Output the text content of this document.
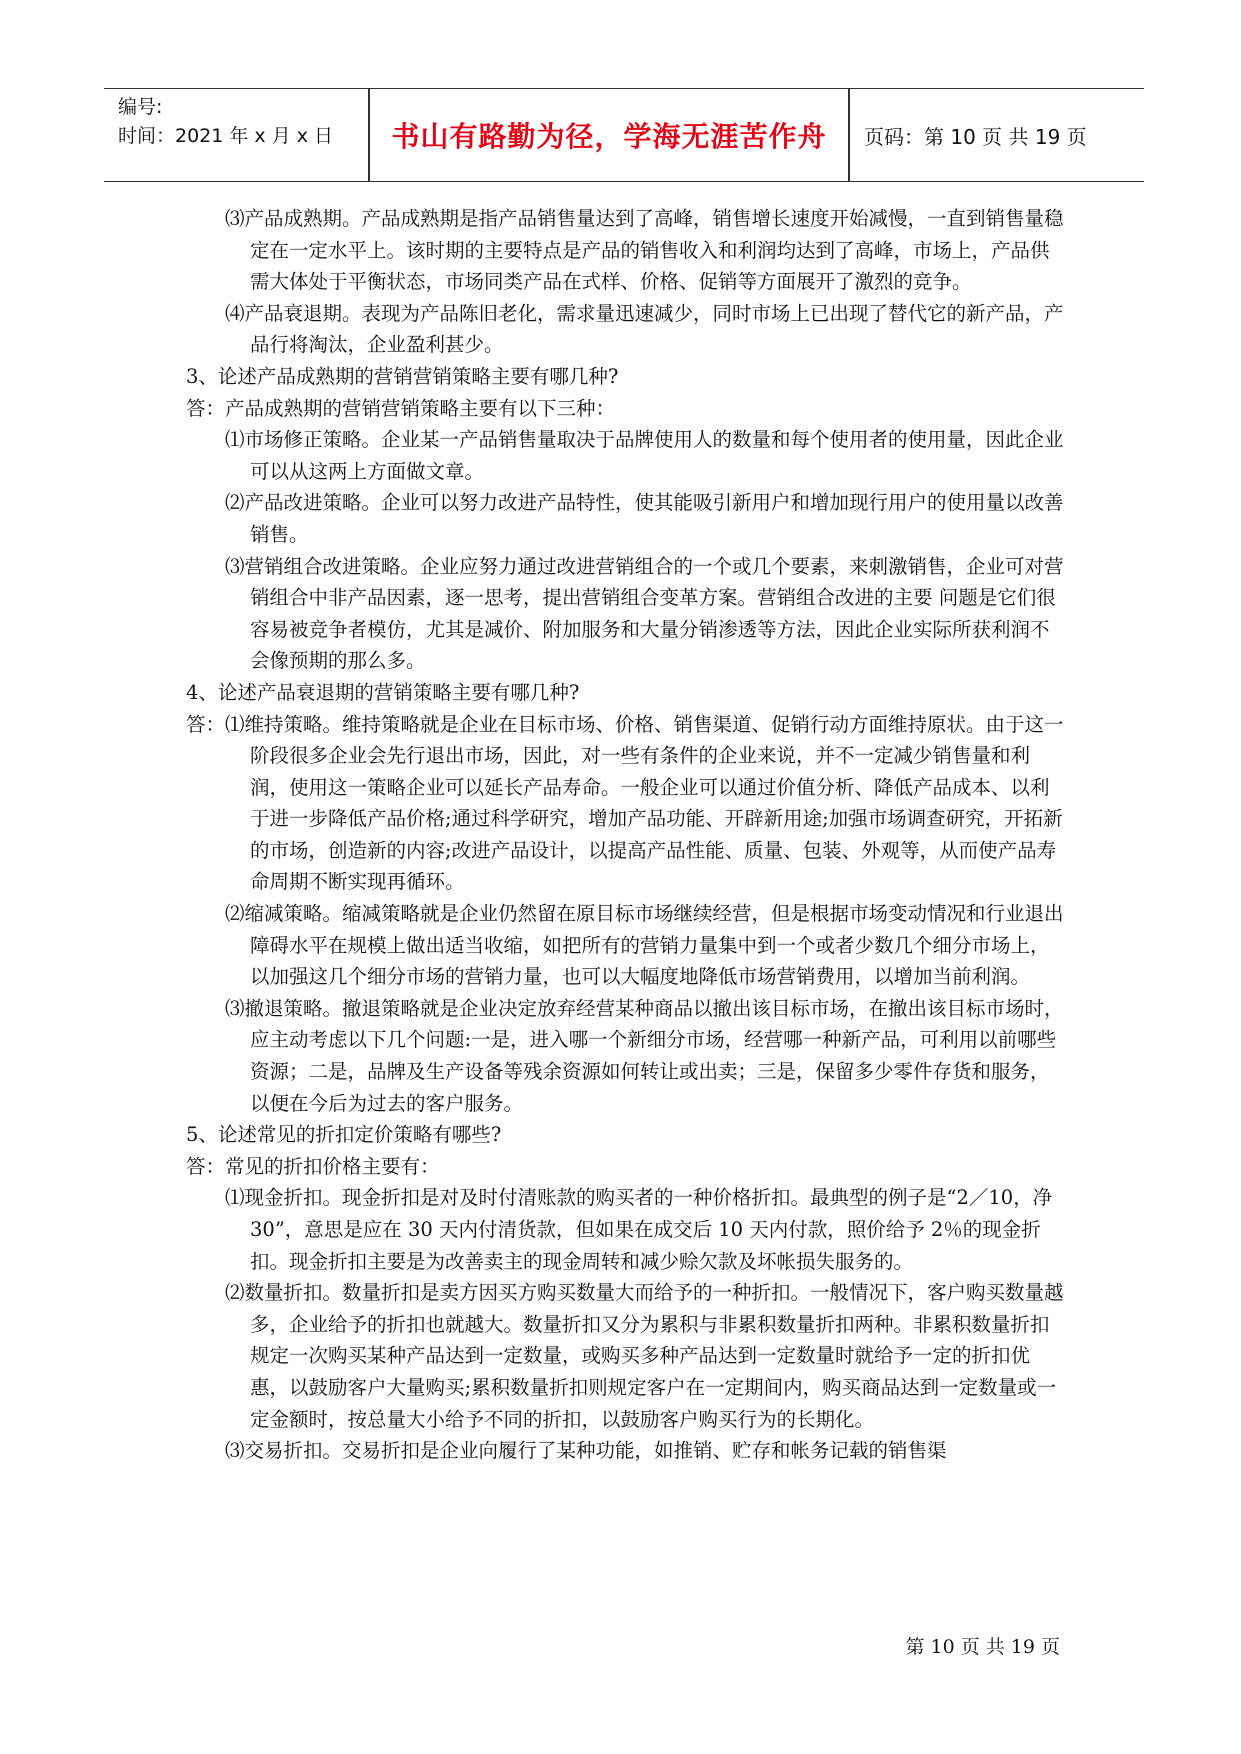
编号:
时间：2021 年 x 月 x 日	书山有路勤为径，学海无涯苦作舟	页码：第 10 页 共 19 页

⑶产品成熟期。产品成熟期是指产品销售量达到了高峰，销售增长速度开始减慢，一直到销售量稳定在一定水平上。该时期的主要特点是产品的销售收入和利润均达到了高峰，市场上，产品供需大体处于平衡状态，市场同类产品在式样、价格、促销等方面展开了激烈的竞争。

⑷产品衰退期。表现为产品陈旧老化，需求量迅速减少，同时市场上已出现了替代它的新产品，产品行将淘汰，企业盈利甚少。

3、论述产品成熟期的营销营销策略主要有哪几种?

答：产品成熟期的营销营销策略主要有以下三种：

⑴市场修正策略。企业某一产品销售量取决于品牌使用人的数量和每个使用者的使用量，因此企业可以从这两上方面做文章。

⑵产品改进策略。企业可以努力改进产品特性，使其能吸引新用户和增加现行用户的使用量以改善销售。

⑶营销组合改进策略。企业应努力通过改进营销组合的一个或几个要素，来刺激销售，企业可对营销组合中非产品因素，逐一思考，提出营销组合变革方案。营销组合改进的主要 问题是它们很容易被竞争者模仿，尤其是减价、附加服务和大量分销渗透等方法，因此企业实际所获利润不会像预期的那么多。

4、论述产品衰退期的营销策略主要有哪几种?

答：⑴维持策略。维持策略就是企业在目标市场、价格、销售渠道、促销行动方面维持原状。由于这一阶段很多企业会先行退出市场，因此，对一些有条件的企业来说，并不一定减少销售量和利润，使用这一策略企业可以延长产品寿命。一般企业可以通过价值分析、降低产品成本、以利于进一步降低产品价格;通过科学研究，增加产品功能、开辟新用途;加强市场调查研究，开拓新的市场，创造新的内容;改进产品设计，以提高产品性能、质量、包装、外观等，从而使产品寿命周期不断实现再循环。

⑵缩减策略。缩减策略就是企业仍然留在原目标市场继续经营，但是根据市场变动情况和行业退出障碍水平在规模上做出适当收缩，如把所有的营销力量集中到一个或者少数几个细分市场上，以加强这几个细分市场的营销力量，也可以大幅度地降低市场营销费用，以增加当前利润。

⑶撤退策略。撤退策略就是企业决定放弃经营某种商品以撤出该目标市场，在撤出该目标市场时，应主动考虑以下几个问题:一是，进入哪一个新细分市场，经营哪一种新产品，可利用以前哪些资源；二是，品牌及生产设备等残余资源如何转让或出卖；三是，保留多少零件存货和服务，以便在今后为过去的客户服务。

5、论述常见的折扣定价策略有哪些?

答：常见的折扣价格主要有：

⑴现金折扣。现金折扣是对及时付清账款的购买者的一种价格折扣。最典型的例子是“2／10，净 30”，意思是应在 30 天内付清货款，但如果在成交后 10 天内付款，照价给予 2％的现金折扣。现金折扣主要是为改善卖主的现金周转和减少赊欠款及坏帐损失服务的。

⑵数量折扣。数量折扣是卖方因买方购买数量大而给予的一种折扣。一般情况下，客户购买数量越多，企业给予的折扣也就越大。数量折扣又分为累积与非累积数量折扣两种。非累积数量折扣规定一次购买某种产品达到一定数量，或购买多种产品达到一定数量时就给予一定的折扣优惠，以鼓励客户大量购买;累积数量折扣则规定客户在一定期间内，购买商品达到一定数量或一定金额时，按总量大小给予不同的折扣，以鼓励客户购买行为的长期化。

⑶交易折扣。交易折扣是企业向履行了某种功能，如推销、贮存和帐务记载的销售渠

第 10 页 共 19 页
